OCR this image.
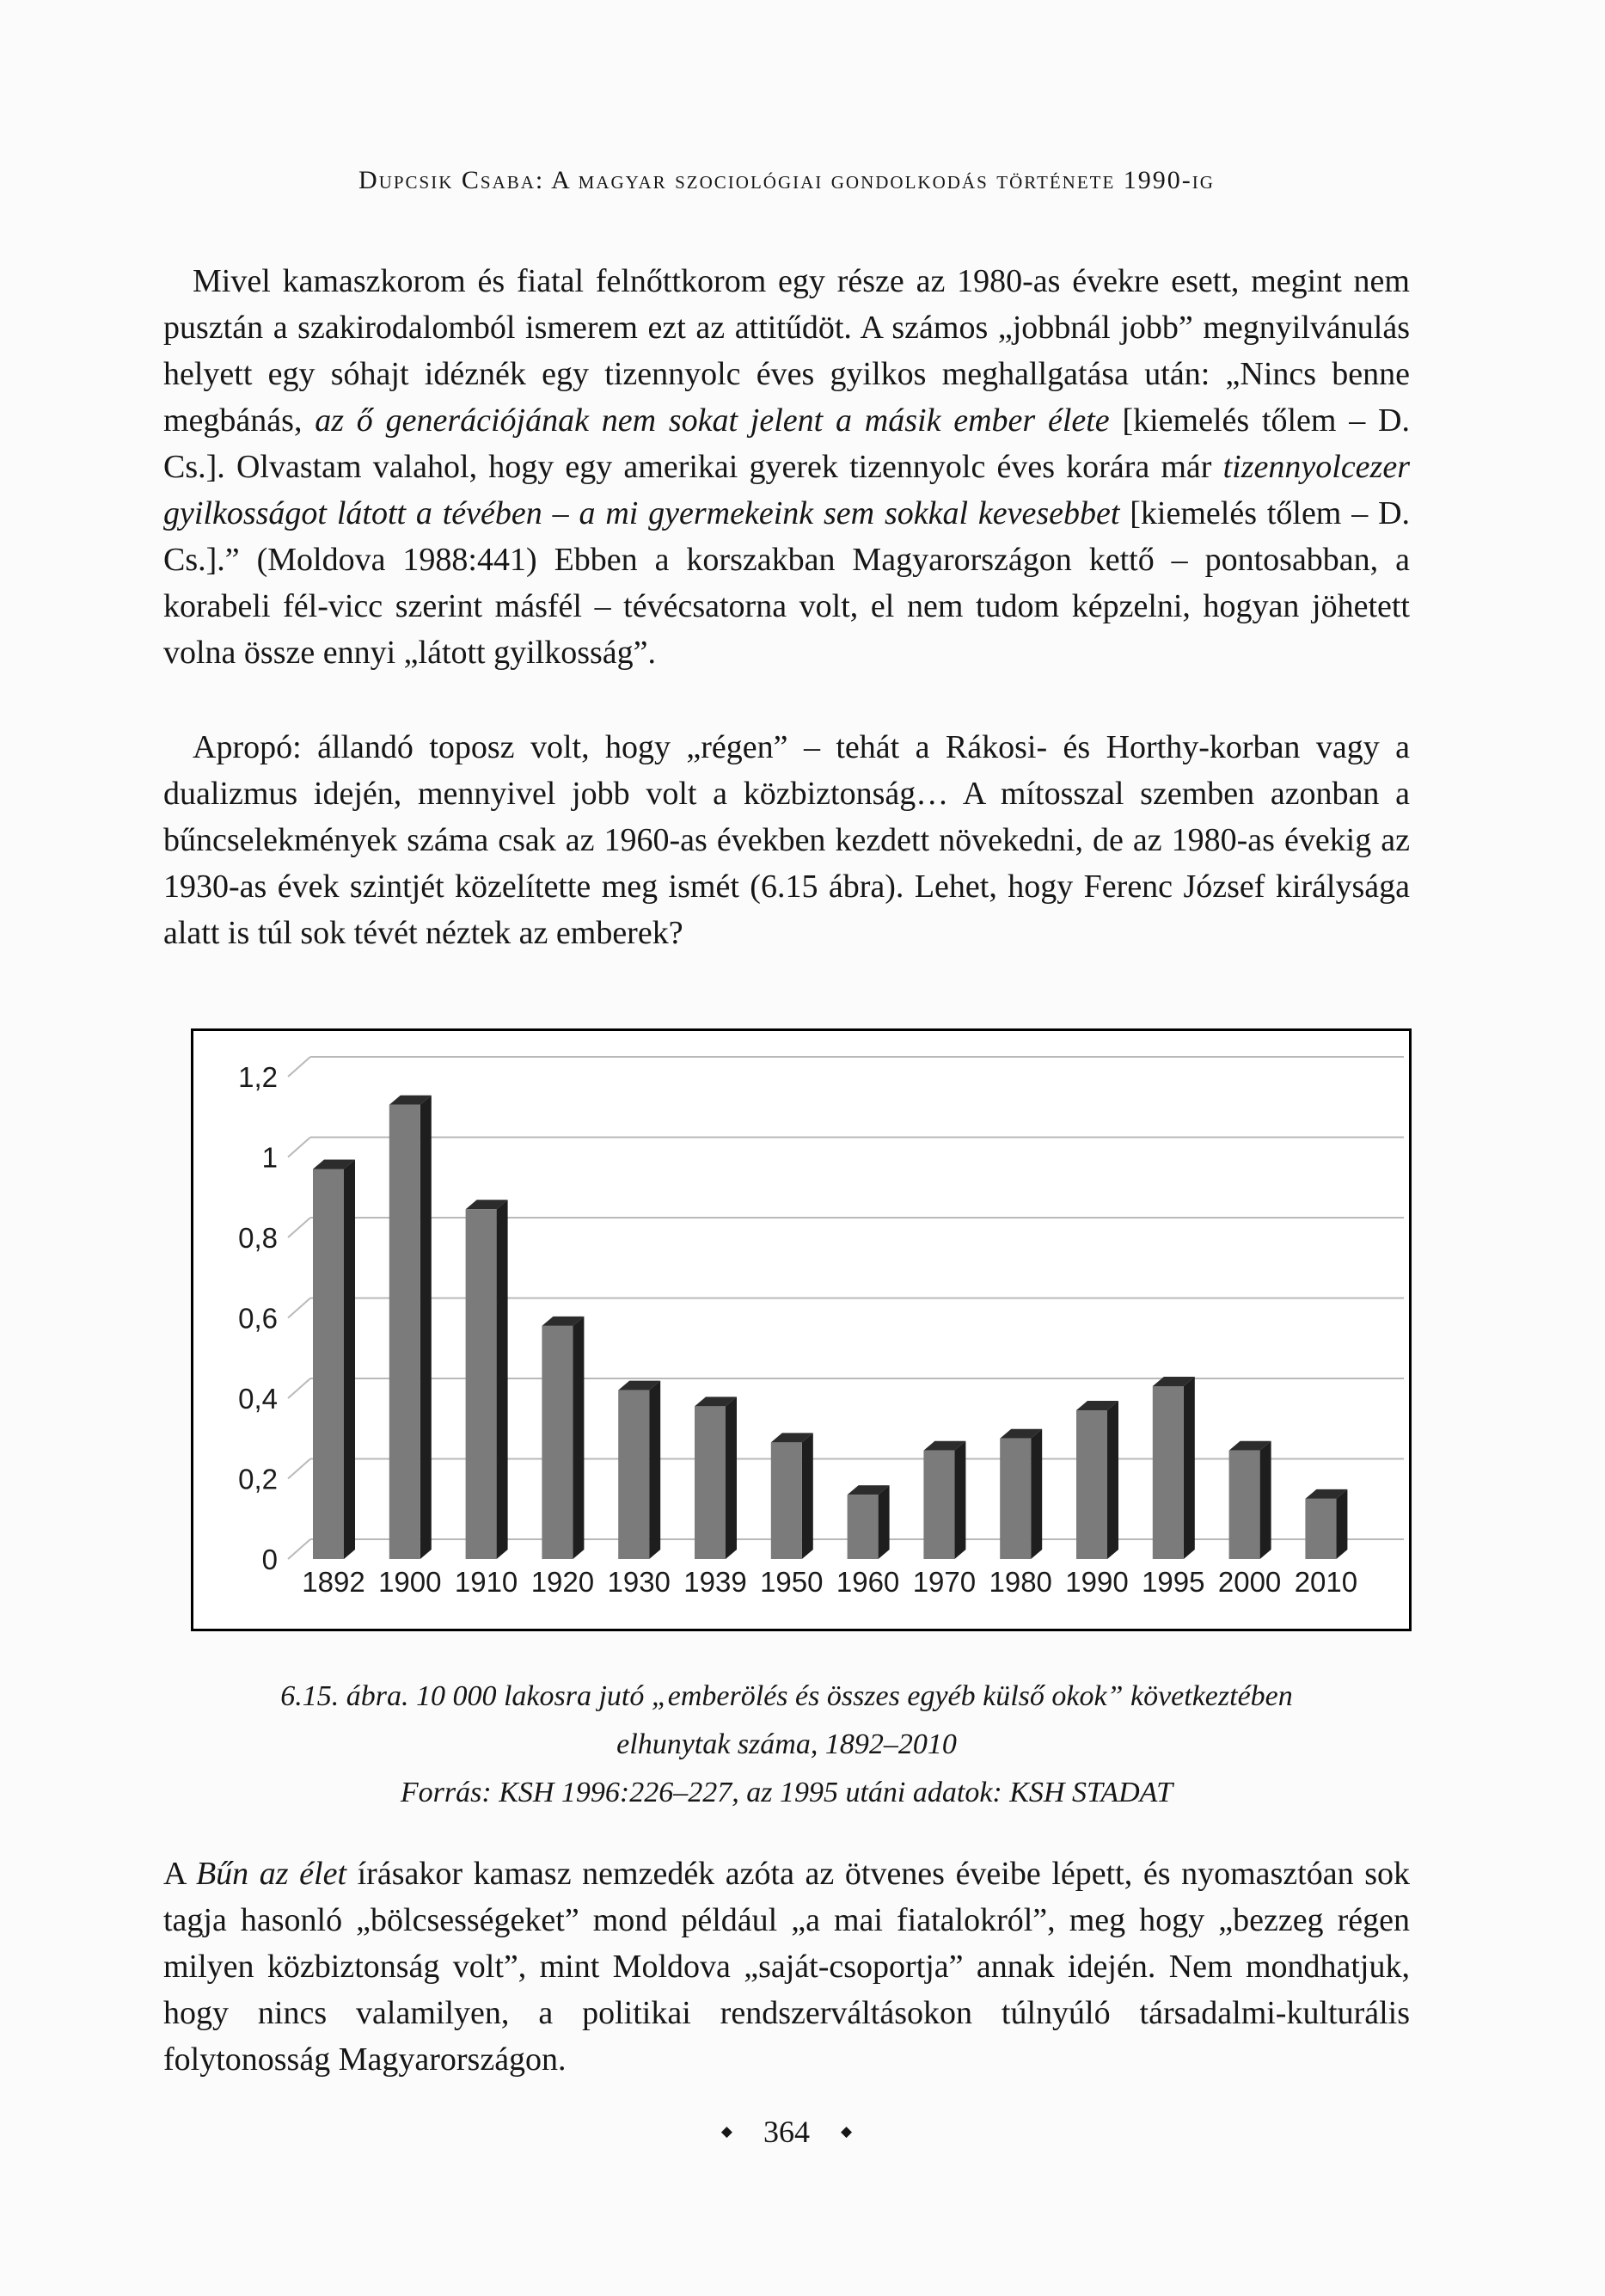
Dupcsik Csaba: A magyar szociológiai gondolkodás története 1990-ig
Mivel kamaszkorom és fiatal felnőttkorom egy része az 1980-as évekre esett, megint nem pusztán a szakirodalomból ismerem ezt az attitűdöt. A számos „jobbnál jobb” megnyilvánulás helyett egy sóhajt idéznék egy tizennyolc éves gyilkos meghallgatása után: „Nincs benne megbánás, az ő generációjának nem sokat jelent a másik ember élete [kiemelés tőlem – D. Cs.]. Olvastam valahol, hogy egy amerikai gyerek tizennyolc éves korára már tizennyolcezer gyilkosságot látott a tévében – a mi gyermekeink sem sokkal kevesebbet [kiemelés tőlem – D. Cs.].” (Moldova 1988:441) Ebben a korszakban Magyarországon kettő – pontosabban, a korabeli fél-vicc szerint másfél – tévécsatorna volt, el nem tudom képzelni, hogyan jöhetett volna össze ennyi „látott gyilkosság”.
Apropó: állandó toposz volt, hogy „régen” – tehát a Rákosi- és Horthy-korban vagy a dualizmus idején, mennyivel jobb volt a közbiztonság… A mítosszal szemben azonban a bűncselekmények száma csak az 1960-as években kezdett növekedni, de az 1980-as évekig az 1930-as évek szintjét közelítette meg ismét (6.15 ábra). Lehet, hogy Ferenc József királysága alatt is túl sok tévét néztek az emberek?
1,2
1
0,8
0,6
0,4
0,2
0
1892 1900 1910 1920 1930 1939 1950 1960 1970 1980 1990 1995 2000 2010
6.15. ábra. 10 000 lakosra jutó „emberölés és összes egyéb külső okok” következtében
elhunytak száma, 1892–2010
Forrás: KSH 1996:226–227, az 1995 utáni adatok: KSH STADAT
A Bűn az élet írásakor kamasz nemzedék azóta az ötvenes éveibe lépett, és nyomasztóan sok tagja hasonló „bölcsességeket” mond például „a mai fiatalokról”, meg hogy „bezzeg régen milyen közbiztonság volt”, mint Moldova „saját-csoportja” annak idején. Nem mondhatjuk, hogy nincs valamilyen, a politikai rendszerváltásokon túlnyúló társadalmi-kulturális folytonosság Magyarországon.
◆ 364 ◆
